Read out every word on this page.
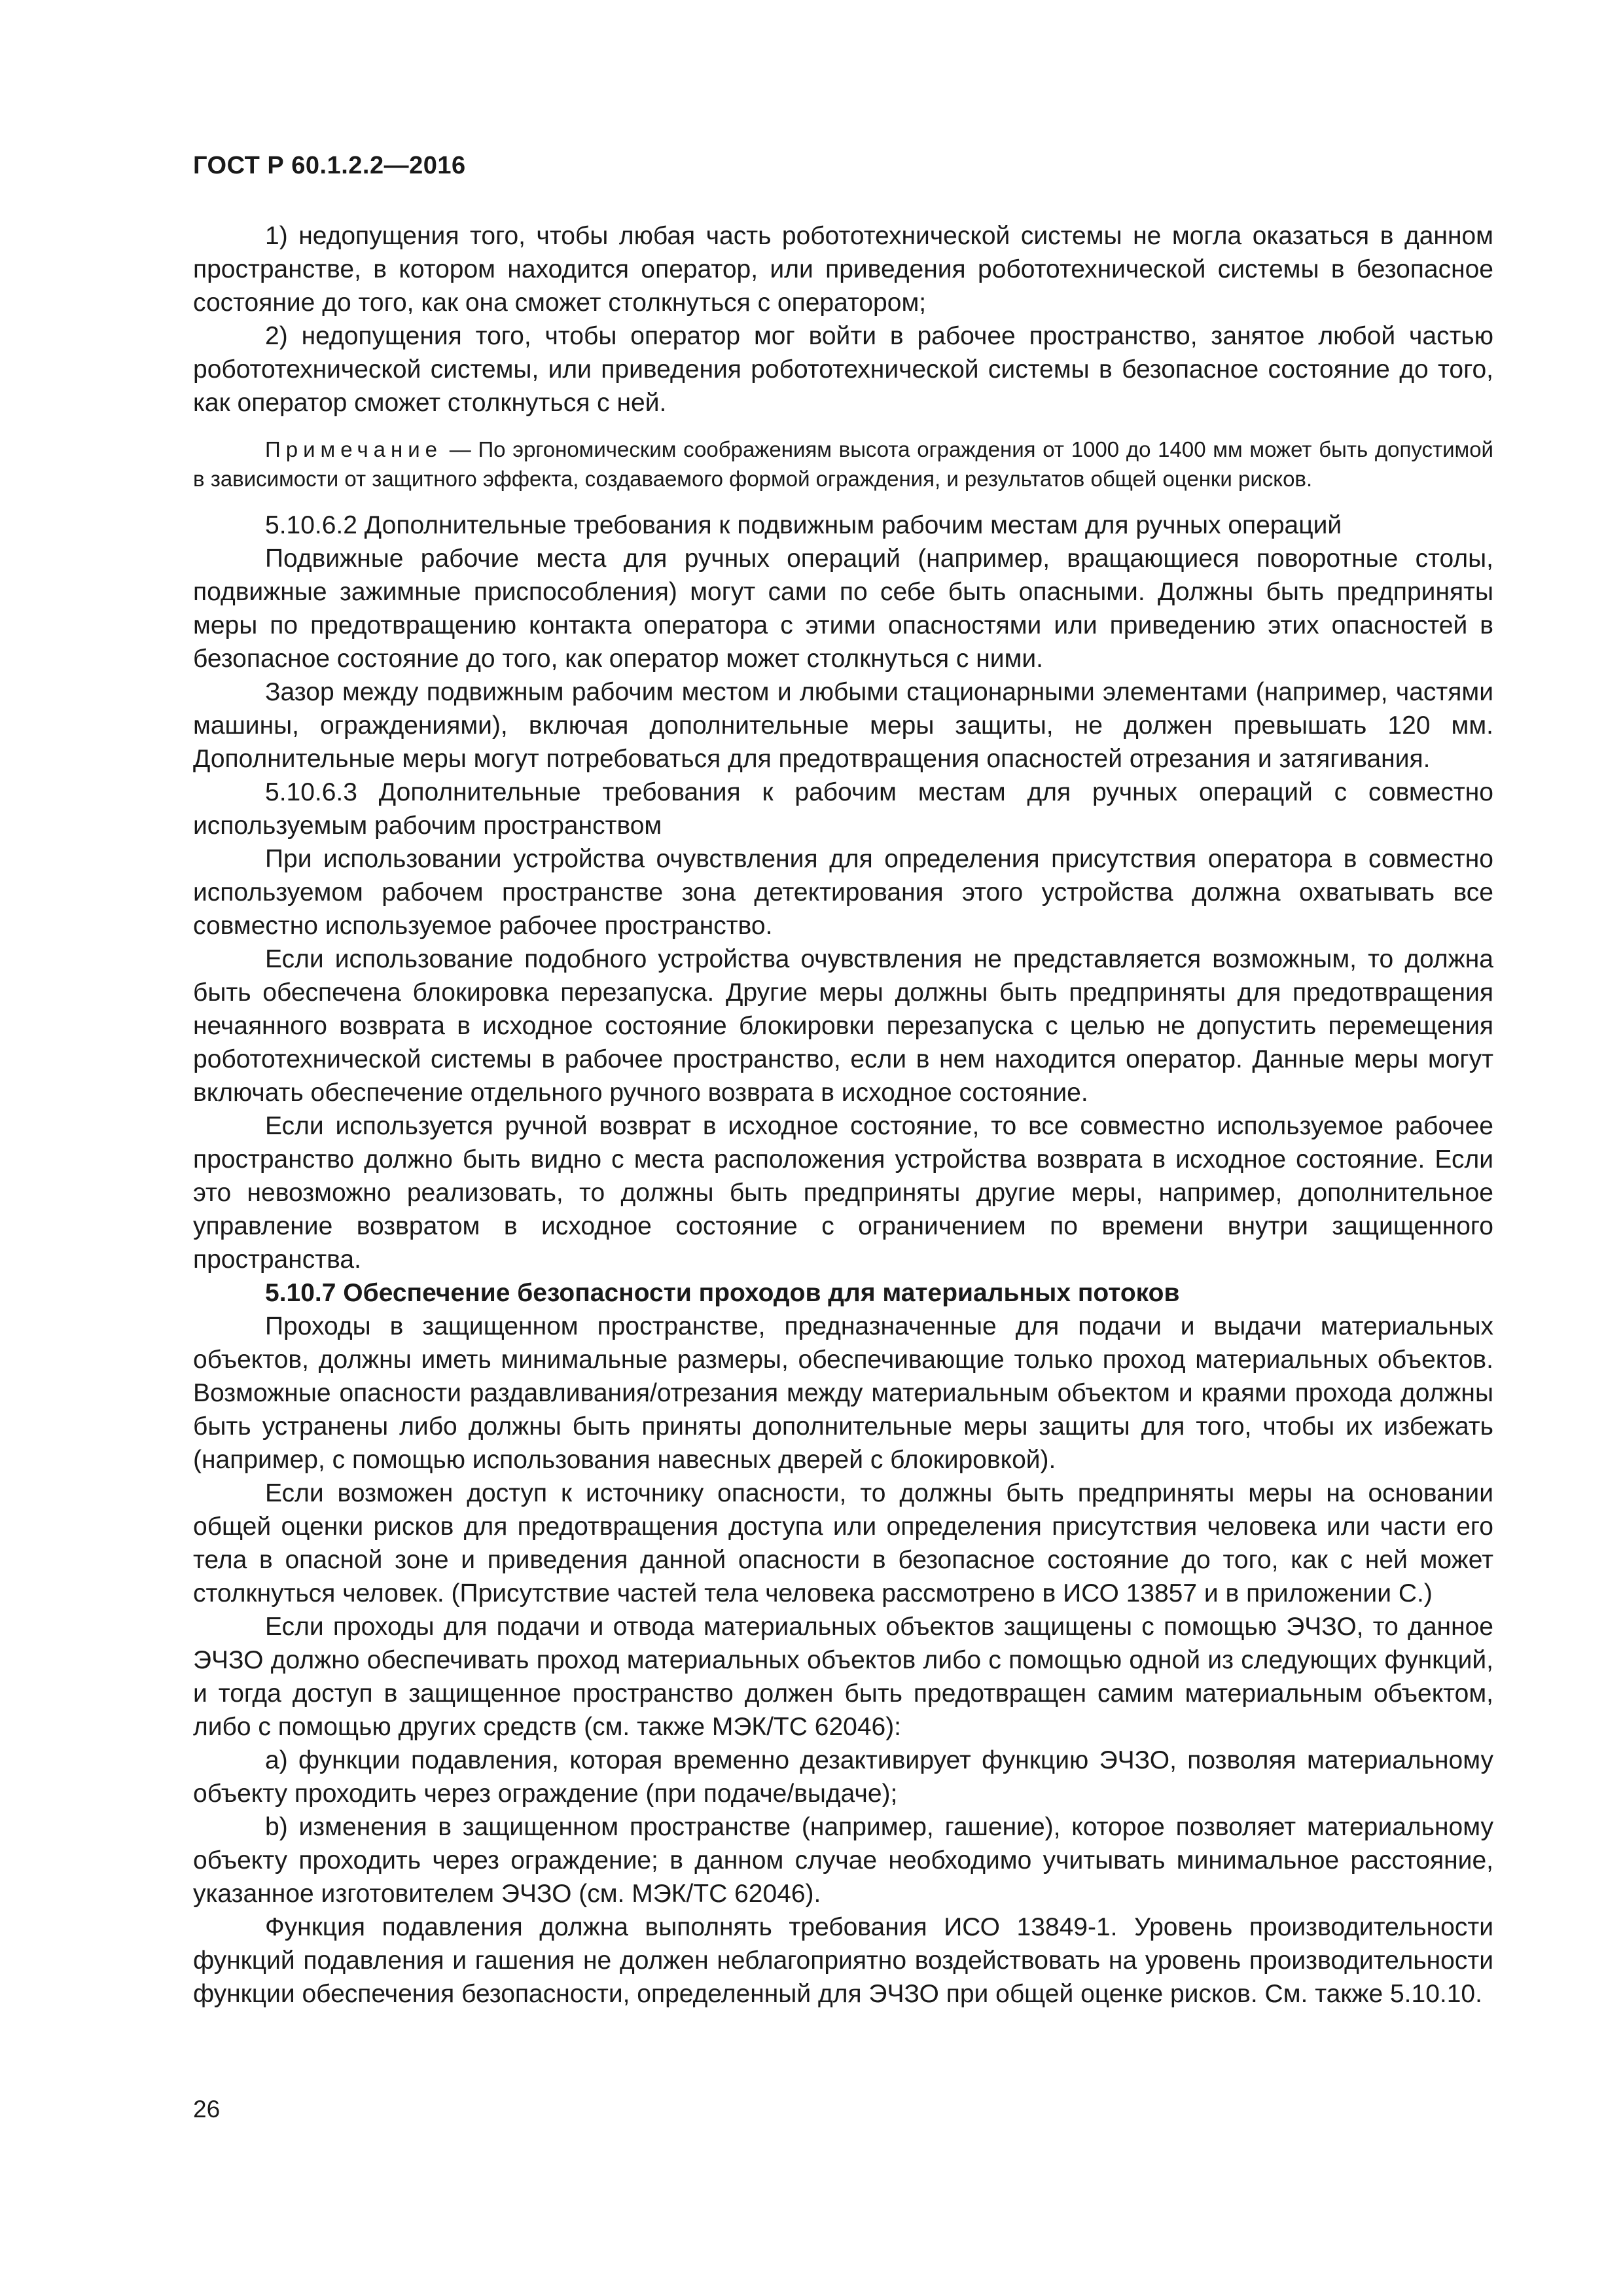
ГОСТ Р 60.1.2.2—2016

1) недопущения того, чтобы любая часть робототехнической системы не могла оказаться в данном пространстве, в котором находится оператор, или приведения робототехнической системы в безопасное состояние до того, как она сможет столкнуться с оператором;

2) недопущения того, чтобы оператор мог войти в рабочее пространство, занятое любой частью робототехнической системы, или приведения робототехнической системы в безопасное состояние до того, как оператор сможет столкнуться с ней.

Примечание — По эргономическим соображениям высота ограждения от 1000 до 1400 мм может быть допустимой в зависимости от защитного эффекта, создаваемого формой ограждения, и результатов общей оценки рисков.

5.10.6.2 Дополнительные требования к подвижным рабочим местам для ручных операций

Подвижные рабочие места для ручных операций (например, вращающиеся поворотные столы, подвижные зажимные приспособления) могут сами по себе быть опасными. Должны быть предприняты меры по предотвращению контакта оператора с этими опасностями или приведению этих опасностей в безопасное состояние до того, как оператор может столкнуться с ними.

Зазор между подвижным рабочим местом и любыми стационарными элементами (например, частями машины, ограждениями), включая дополнительные меры защиты, не должен превышать 120 мм. Дополнительные меры могут потребоваться для предотвращения опасностей отрезания и затягивания.

5.10.6.3 Дополнительные требования к рабочим местам для ручных операций с совместно используемым рабочим пространством

При использовании устройства очувствления для определения присутствия оператора в совместно используемом рабочем пространстве зона детектирования этого устройства должна охватывать все совместно используемое рабочее пространство.

Если использование подобного устройства очувствления не представляется возможным, то должна быть обеспечена блокировка перезапуска. Другие меры должны быть предприняты для предотвращения нечаянного возврата в исходное состояние блокировки перезапуска с целью не допустить перемещения робототехнической системы в рабочее пространство, если в нем находится оператор. Данные меры могут включать обеспечение отдельного ручного возврата в исходное состояние.

Если используется ручной возврат в исходное состояние, то все совместно используемое рабочее пространство должно быть видно с места расположения устройства возврата в исходное состояние. Если это невозможно реализовать, то должны быть предприняты другие меры, например, дополнительное управление возвратом в исходное состояние с ограничением по времени внутри защищенного пространства.

5.10.7 Обеспечение безопасности проходов для материальных потоков

Проходы в защищенном пространстве, предназначенные для подачи и выдачи материальных объектов, должны иметь минимальные размеры, обеспечивающие только проход материальных объектов. Возможные опасности раздавливания/отрезания между материальным объектом и краями прохода должны быть устранены либо должны быть приняты дополнительные меры защиты для того, чтобы их избежать (например, с помощью использования навесных дверей с блокировкой).

Если возможен доступ к источнику опасности, то должны быть предприняты меры на основании общей оценки рисков для предотвращения доступа или определения присутствия человека или части его тела в опасной зоне и приведения данной опасности в безопасное состояние до того, как с ней может столкнуться человек. (Присутствие частей тела человека рассмотрено в ИСО 13857 и в приложении С.)

Если проходы для подачи и отвода материальных объектов защищены с помощью ЭЧЗО, то данное ЭЧЗО должно обеспечивать проход материальных объектов либо с помощью одной из следующих функций, и тогда доступ в защищенное пространство должен быть предотвращен самим материальным объектом, либо с помощью других средств (см. также МЭК/ТС 62046):

a) функции подавления, которая временно дезактивирует функцию ЭЧЗО, позволяя материальному объекту проходить через ограждение (при подаче/выдаче);

b) изменения в защищенном пространстве (например, гашение), которое позволяет материальному объекту проходить через ограждение; в данном случае необходимо учитывать минимальное расстояние, указанное изготовителем ЭЧЗО (см. МЭК/ТС 62046).

Функция подавления должна выполнять требования ИСО 13849-1. Уровень производительности функций подавления и гашения не должен неблагоприятно воздействовать на уровень производительности функции обеспечения безопасности, определенный для ЭЧЗО при общей оценке рисков. См. также 5.10.10.

26
